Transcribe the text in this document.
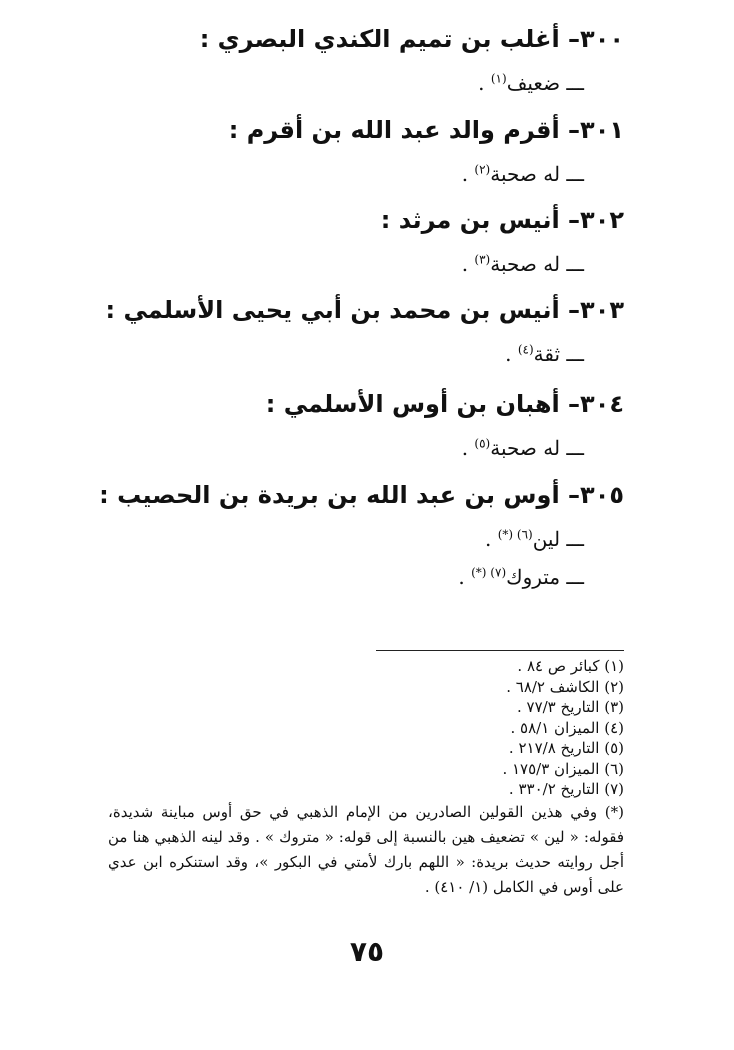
٣٠٠– أغلب بن تميم الكندي البصري :
ـــ ضعيف$^{(١)}$ .
٣٠١– أقرم والد عبد الله بن أقرم :
ـــ له صحبة$^{(٢)}$ .
٣٠٢– أنيس بن مرثد :
ـــ له صحبة$^{(٣)}$ .
٣٠٣– أنيس بن محمد بن أبي يحيى الأسلمي :
ـــ ثقة$^{(٤)}$ .
٣٠٤– أهبان بن أوس الأسلمي :
ـــ له صحبة$^{(٥)}$ .
٣٠٥– أوس بن عبد الله بن بريدة بن الحصيب :
ـــ لين$^{(٦) (*)}$ .
ـــ متروك$^{(٧) (*)}$ .
(١) كبائر ص ٨٤ .
(٢) الكاشف ٦٨/٢ .
(٣) التاريخ ٧٧/٣ .
(٤) الميزان ٥٨/١ .
(٥) التاريخ ٢١٧/٨ .
(٦) الميزان ١٧٥/٣ .
(٧) التاريخ ٣٣٠/٢ .
(*) وفي هذين القولين الصادرين من الإمام الذهبي في حق أوس مباينة شديدة، فقوله: « لين » تضعيف هين بالنسبة إلى قوله: « متروك » . وقد لينه الذهبي هنا من أجل روايته حديث بريدة: « اللهم بارك لأمتي في البكور »، وقد استنكره ابن عدي على أوس في الكامل (١/ ٤١٠) .
٧٥
